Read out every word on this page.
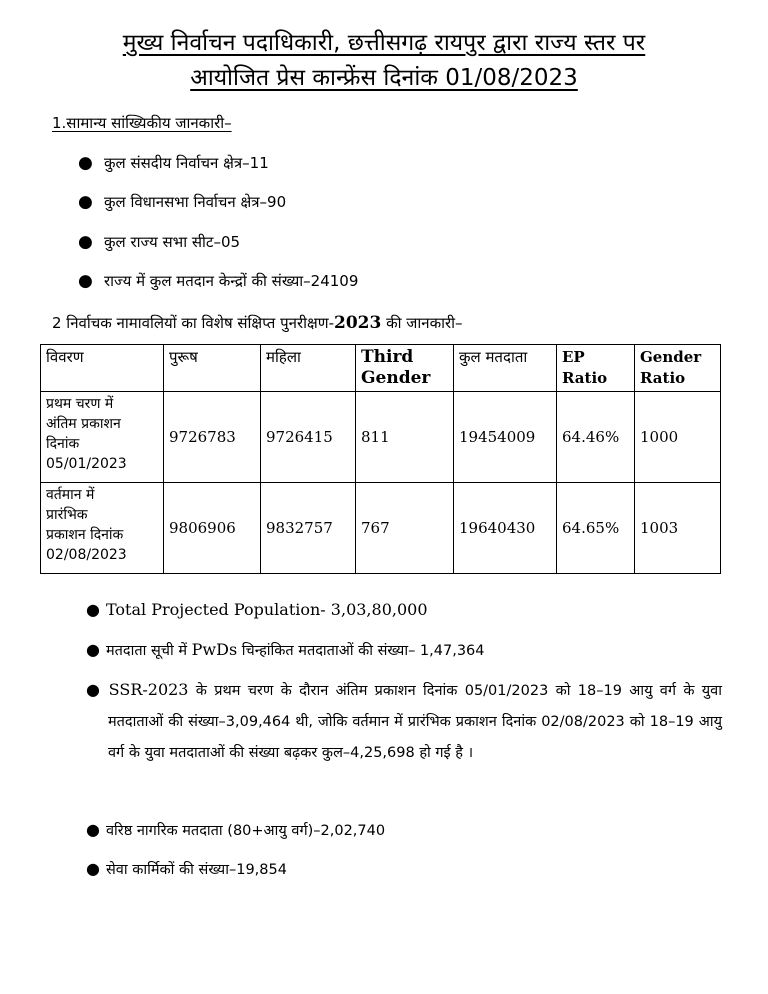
मुख्य निर्वाचन पदाधिकारी, छत्तीसगढ़ रायपुर द्वारा राज्य स्तर पर
आयोजित प्रेस कान्फ्रेंस दिनांक 01/08/2023
1.सामान्य सांख्यिकीय जानकारी–
● कुल संसदीय निर्वाचन क्षेत्र–11
● कुल विधानसभा निर्वाचन क्षेत्र–90
● कुल राज्य सभा सीट–05
● राज्य में कुल मतदान केन्द्रों की संख्या–24109
2 निर्वाचक नामावलियों का विशेष संक्षिप्त पुनरीक्षण-2023 की जानकारी–
विवरण	पुरूष	महिला	Third Gender	कुल मतदाता	EP Ratio	Gender Ratio

प्रथम चरण में
अंतिम प्रकाशन
दिनांक
05/01/2023	9726783	9726415	811	19454009	64.46%	1000

वर्तमान में
प्रारंभिक
प्रकाशन दिनांक
02/08/2023	9806906	9832757	767	19640430	64.65%	1003
● Total Projected Population- 3,03,80,000
● मतदाता सूची में PwDs चिन्हांकित मतदाताओं की संख्या– 1,47,364
● SSR-2023 के प्रथम चरण के दौरान अंतिम प्रकाशन दिनांक 05/01/2023 को 18–19 आयु वर्ग के युवा मतदाताओं की संख्या–3,09,464 थी, जोकि वर्तमान में प्रारंभिक प्रकाशन दिनांक 02/08/2023 को 18–19 आयु वर्ग के युवा मतदाताओं की संख्या बढ़कर कुल–4,25,698 हो गई है ।
● वरिष्ठ नागरिक मतदाता (80+आयु वर्ग)–2,02,740
● सेवा कार्मिकों की संख्या–19,854
